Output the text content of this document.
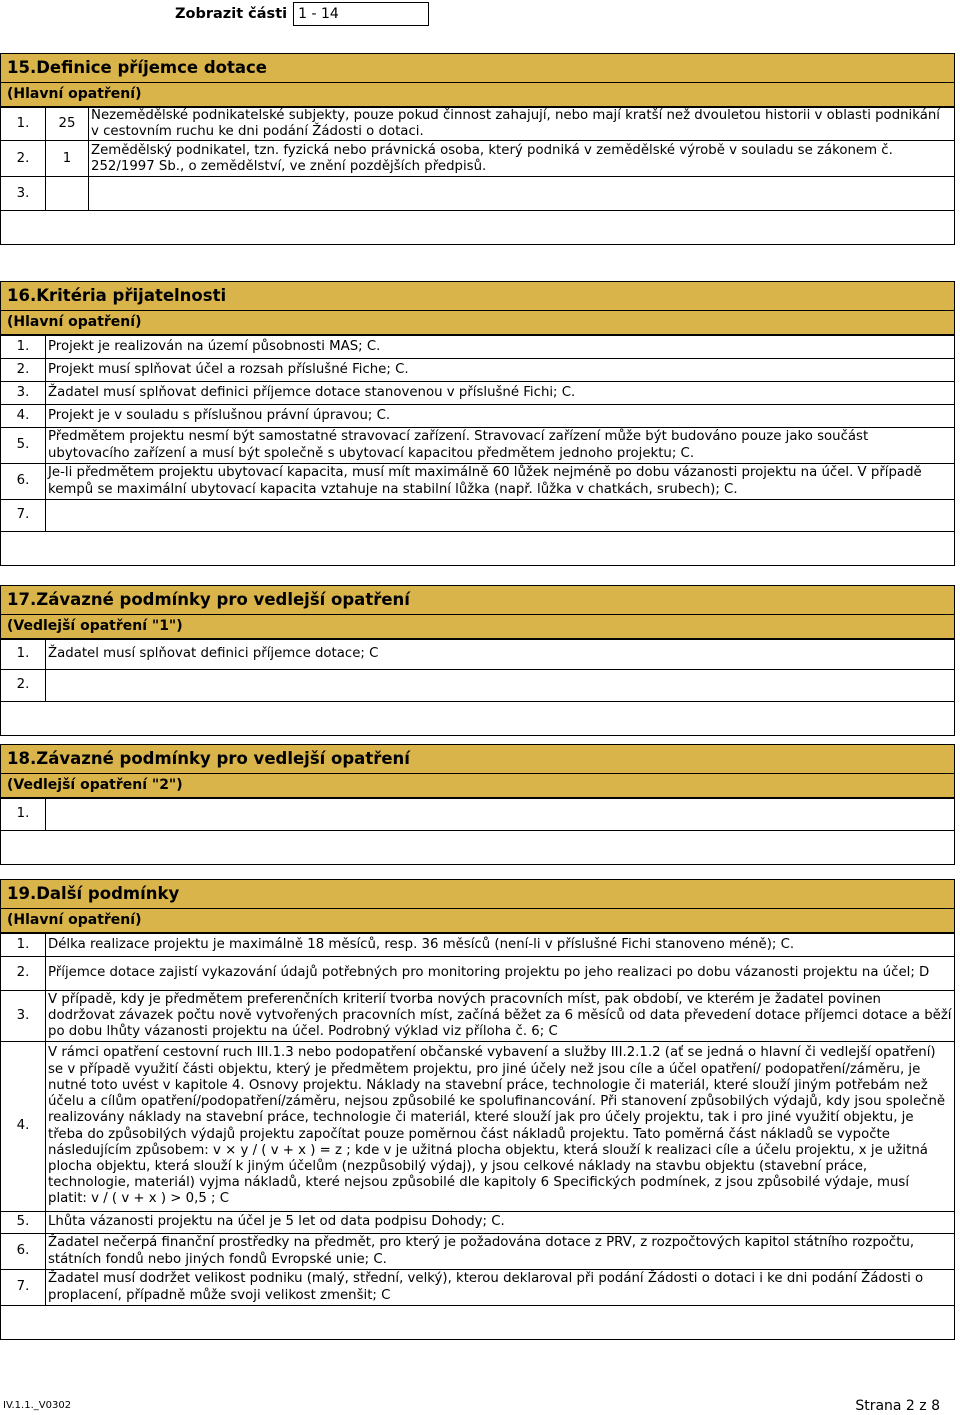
Zobrazit části 1 - 14
15.Definice příjemce dotace
(Hlavní opatření)
1.	25	Nezemědělské podnikatelské subjekty, pouze pokud činnost zahajují, nebo mají kratší než dvouletou historii v oblasti podnikání v cestovním ruchu ke dni podání Žádosti o dotaci.
2.	1	Zemědělský podnikatel, tzn. fyzická nebo právnická osoba, který podniká v zemědělské výrobě v souladu se zákonem č. 252/1997 Sb., o zemědělství, ve znění pozdějších předpisů.
3.		
16.Kritéria přijatelnosti
(Hlavní opatření)
1.	Projekt je realizován na území působnosti MAS; C.
2.	Projekt musí splňovat účel a rozsah příslušné Fiche; C.
3.	Žadatel musí splňovat definici příjemce dotace stanovenou v příslušné Fichi; C.
4.	Projekt je v souladu s příslušnou právní úpravou; C.
5.	Předmětem projektu nesmí být samostatné stravovací zařízení. Stravovací zařízení může být budováno pouze jako součást ubytovacího zařízení a musí být společně s ubytovací kapacitou předmětem jednoho projektu; C.
6.	Je-li předmětem projektu ubytovací kapacita, musí mít maximálně 60 lůžek nejméně po dobu vázanosti projektu na účel. V případě kempů se maximální ubytovací kapacita vztahuje na stabilní lůžka (např. lůžka v chatkách, srubech); C.
7.	
17.Závazné podmínky pro vedlejší opatření
(Vedlejší opatření "1")
1.	Žadatel musí splňovat definici příjemce dotace; C
2.	
18.Závazné podmínky pro vedlejší opatření
(Vedlejší opatření "2")
1.	
19.Další podmínky
(Hlavní opatření)
1.	Délka realizace projektu je maximálně 18 měsíců, resp. 36 měsíců (není-li v příslušné Fichi stanoveno méně); C.
2.	Příjemce dotace zajistí vykazování údajů potřebných pro monitoring projektu po jeho realizaci po dobu vázanosti projektu na účel; D
3.	V případě, kdy je předmětem preferenčních kriterií tvorba nových pracovních míst, pak období, ve kterém je žadatel povinen dodržovat závazek počtu nově vytvořených pracovních míst, začíná běžet za 6 měsíců od data převedení dotace příjemci dotace a běží po dobu lhůty vázanosti projektu na účel. Podrobný výklad viz příloha č. 6; C
4.	V rámci opatření cestovní ruch III.1.3 nebo podopatření občanské vybavení a služby III.2.1.2 (ať se jedná o hlavní či vedlejší opatření) se v případě využití části objektu, který je předmětem projektu, pro jiné účely než jsou cíle a účel opatření/ podopatření/záměru, je nutné toto uvést v kapitole 4. Osnovy projektu. Náklady na stavební práce, technologie či materiál, které slouží jiným potřebám než účelu a cílům opatření/podopatření/záměru, nejsou způsobilé ke spolufinancování. Při stanovení způsobilých výdajů, kdy jsou společně realizovány náklady na stavební práce, technologie či materiál, které slouží jak pro účely projektu, tak i pro jiné využití objektu, je třeba do způsobilých výdajů projektu započítat pouze poměrnou část nákladů projektu. Tato poměrná část nákladů se vypočte následujícím způsobem: v × y / ( v + x ) = z ; kde v je užitná plocha objektu, která slouží k realizaci cíle a účelu projektu, x je užitná plocha objektu, která slouží k jiným účelům (nezpůsobilý výdaj), y jsou celkové náklady na stavbu objektu (stavební práce, technologie, materiál) vyjma nákladů, které nejsou způsobilé dle kapitoly 6 Specifických podmínek, z jsou způsobilé výdaje, musí platit: v / ( v + x ) > 0,5 ; C
5.	Lhůta vázanosti projektu na účel je 5 let od data podpisu Dohody; C.
6.	Žadatel nečerpá finanční prostředky na předmět, pro který je požadována dotace z PRV, z rozpočtových kapitol státního rozpočtu, státních fondů nebo jiných fondů Evropské unie; C.
7.	Žadatel musí dodržet velikost podniku (malý, střední, velký), kterou deklaroval při podání Žádosti o dotaci i ke dni podání Žádosti o proplacení, případně může svoji velikost zmenšit; C
IV.1.1._V0302	Strana 2 z 8
